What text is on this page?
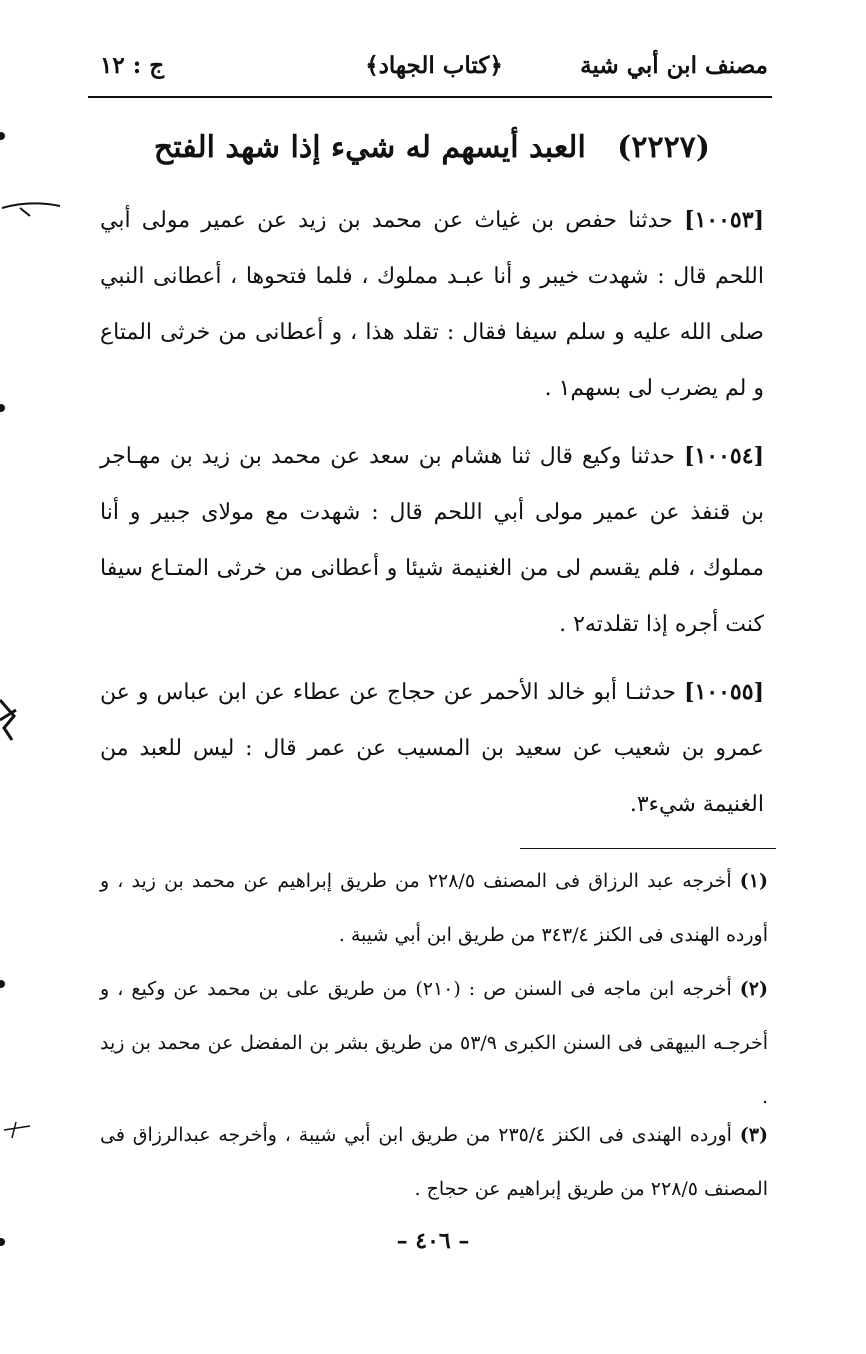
مصنف ابن أبي شية
﴿كتاب الجهاد﴾
ج : ١٢
(٢٢٢٧)   العبد أيسهم له شيء إذا شهد الفتح

[١٠٠٥٣] حدثنا حفص بن غياث عن محمد بن زيد عن عمير مولى أبي اللحم قال : شهدت خيبر و أنا عبـد مملوك ، فلما فتحوها ، أعطانى النبي صلى الله عليه و سلم سيفا فقال : تقلد هذا ، و أعطانى من خرثى المتاع و لم يضرب لى بسهم١ .

[١٠٠٥٤] حدثنا وكيع قال ثنا هشام بن سعد عن محمد بن زيد بن مهـاجر بن قنفذ عن عمير مولى أبي اللحم قال : شهدت مع مولاى جبير و أنا مملوك ، فلم يقسم لى من الغنيمة شيئا و أعطانى من خرثى المتـاع سيفا كنت أجره إذا تقلدته٢ .

[١٠٠٥٥] حدثنـا أبو خالد الأحمر عن حجاج عن عطاء عن ابن عباس و عن عمرو بن شعيب عن سعيد بن المسيب عن عمر قال : ليس للعبد من الغنيمة شيء٣.

(١) أخرجه عبد الرزاق فى المصنف ٢٢٨/٥ من طريق إبراهيم عن محمد بن زيد ، و أورده الهندى فى الكنز ٣٤٣/٤ من طريق ابن أبي شيبة .

(٢) أخرجه ابن ماجه فى السنن ص : (٢١٠) من طريق على بن محمد عن وكيع ، و أخرجـه البيهقى فى السنن الكبرى ٥٣/٩ من طريق بشر بن المفضل عن محمد بن زيد .

(٣) أورده الهندى فى الكنز ٢٣٥/٤ من طريق ابن أبي شيبة ، وأخرجه عبدالرزاق فى المصنف ٢٢٨/٥ من طريق إبراهيم عن حجاج .

– ٤٠٦ –
